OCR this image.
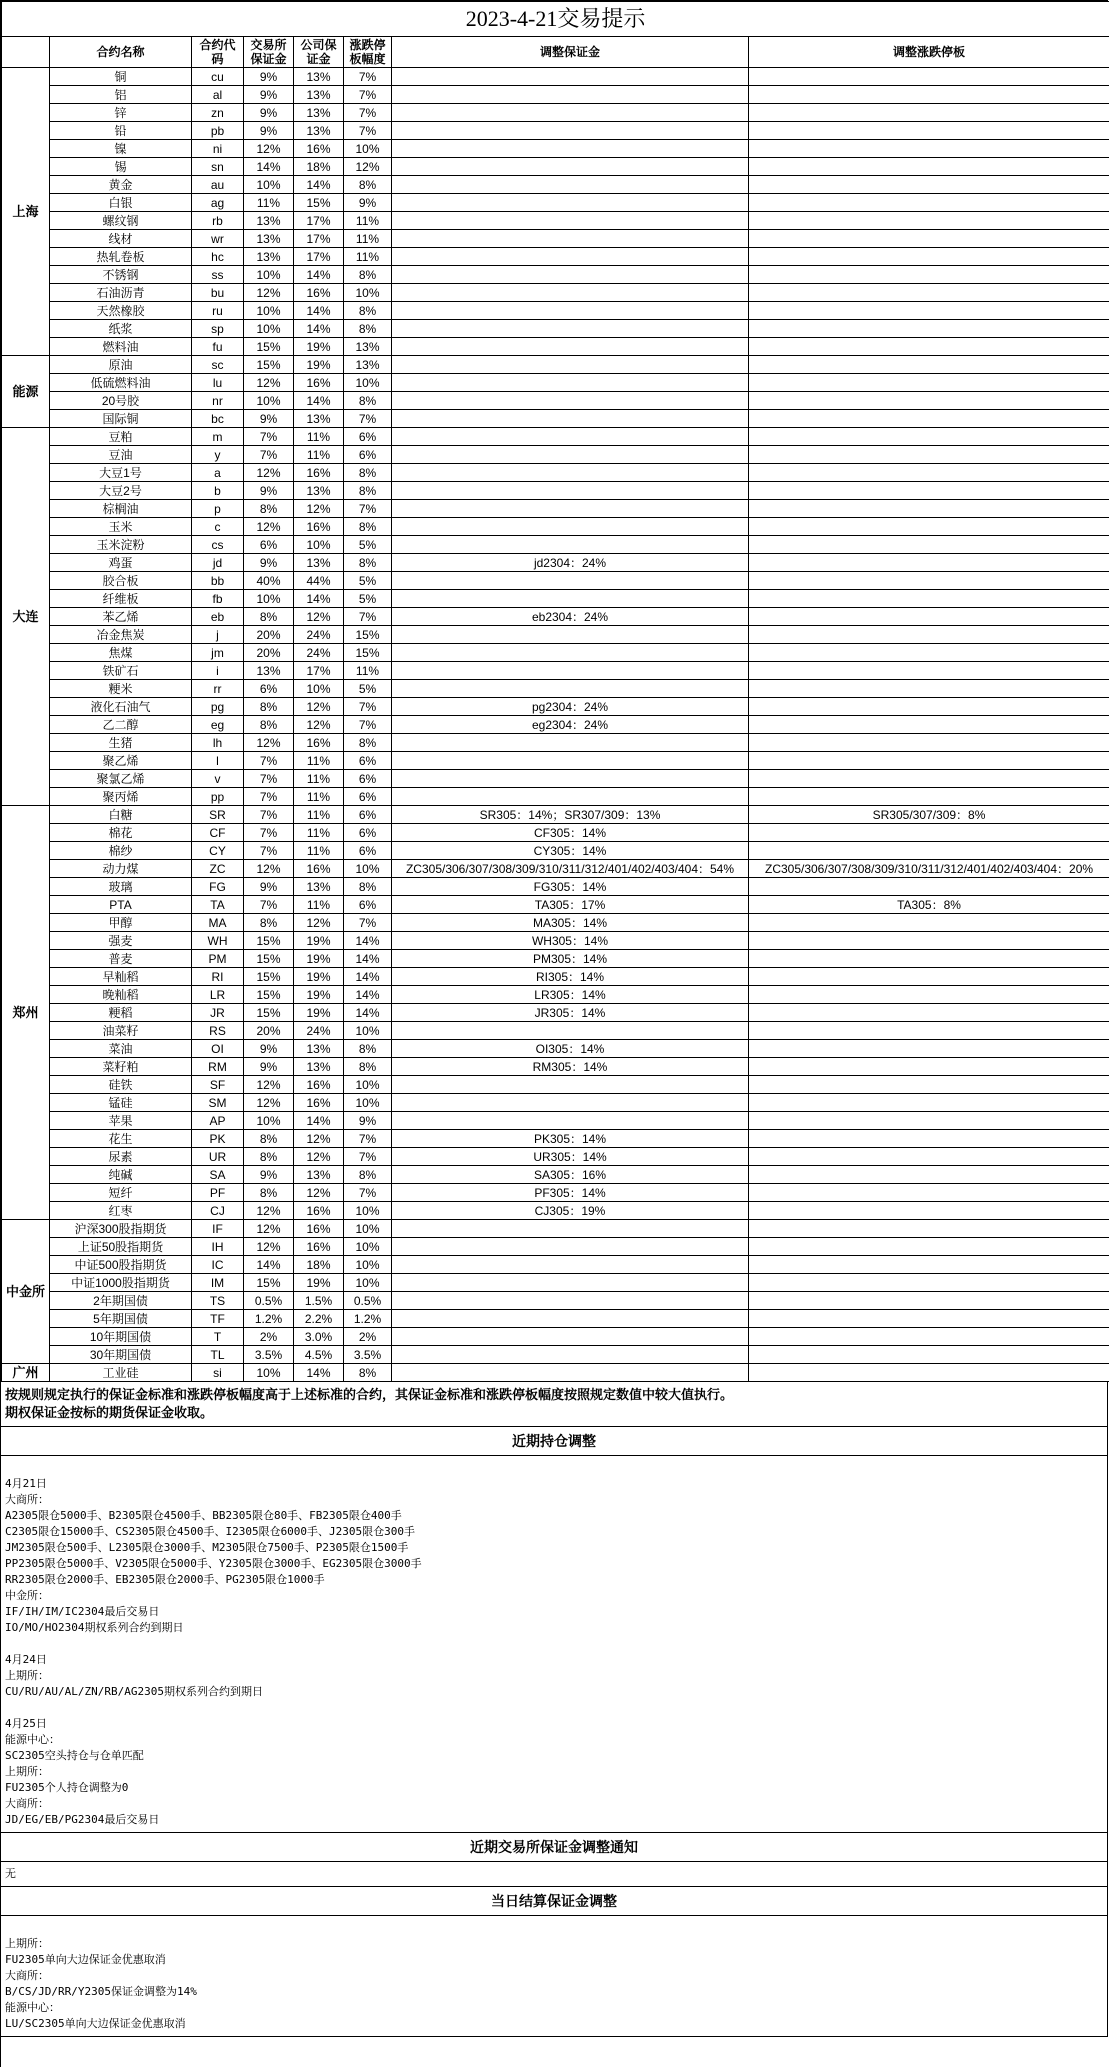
2023-4-21交易提示							
	合约名称	合约代码	交易所保证金	公司保证金	涨跌停板幅度	调整保证金	调整涨跌停板
上海	铜	cu	9%	13%	7%		
	铝	al	9%	13%	7%		
	锌	zn	9%	13%	7%		
	铅	pb	9%	13%	7%		
	镍	ni	12%	16%	10%		
	锡	sn	14%	18%	12%		
	黄金	au	10%	14%	8%		
	白银	ag	11%	15%	9%		
	螺纹钢	rb	13%	17%	11%		
	线材	wr	13%	17%	11%		
	热轧卷板	hc	13%	17%	11%		
	不锈钢	ss	10%	14%	8%		
	石油沥青	bu	12%	16%	10%		
	天然橡胶	ru	10%	14%	8%		
	纸浆	sp	10%	14%	8%		
	燃料油	fu	15%	19%	13%		
能源	原油	sc	15%	19%	13%		
	低硫燃料油	lu	12%	16%	10%		
	20号胶	nr	10%	14%	8%		
	国际铜	bc	9%	13%	7%		
大连	豆粕	m	7%	11%	6%		
	豆油	y	7%	11%	6%		
	大豆1号	a	12%	16%	8%		
	大豆2号	b	9%	13%	8%		
	棕榈油	p	8%	12%	7%		
	玉米	c	12%	16%	8%		
	玉米淀粉	cs	6%	10%	5%		
	鸡蛋	jd	9%	13%	8%	jd2304：24%	
	胶合板	bb	40%	44%	5%		
	纤维板	fb	10%	14%	5%		
	苯乙烯	eb	8%	12%	7%	eb2304：24%	
	冶金焦炭	j	20%	24%	15%		
	焦煤	jm	20%	24%	15%		
	铁矿石	i	13%	17%	11%		
	粳米	rr	6%	10%	5%		
	液化石油气	pg	8%	12%	7%	pg2304：24%	
	乙二醇	eg	8%	12%	7%	eg2304：24%	
	生猪	lh	12%	16%	8%		
	聚乙烯	l	7%	11%	6%		
	聚氯乙烯	v	7%	11%	6%		
	聚丙烯	pp	7%	11%	6%		
郑州	白糖	SR	7%	11%	6%	SR305：14%；SR307/309：13%	SR305/307/309：8%
	棉花	CF	7%	11%	6%	CF305：14%	
	棉纱	CY	7%	11%	6%	CY305：14%	
	动力煤	ZC	12%	16%	10%	ZC305/306/307/308/309/310/311/312/401/402/403/404：54%	ZC305/306/307/308/309/310/311/312/401/402/403/404：20%
	玻璃	FG	9%	13%	8%	FG305：14%	
	PTA	TA	7%	11%	6%	TA305：17%	TA305：8%
	甲醇	MA	8%	12%	7%	MA305：14%	
	强麦	WH	15%	19%	14%	WH305：14%	
	普麦	PM	15%	19%	14%	PM305：14%	
	早籼稻	RI	15%	19%	14%	RI305：14%	
	晚籼稻	LR	15%	19%	14%	LR305：14%	
	粳稻	JR	15%	19%	14%	JR305：14%	
	油菜籽	RS	20%	24%	10%		
	菜油	OI	9%	13%	8%	OI305：14%	
	菜籽粕	RM	9%	13%	8%	RM305：14%	
	硅铁	SF	12%	16%	10%		
	锰硅	SM	12%	16%	10%		
	苹果	AP	10%	14%	9%		
	花生	PK	8%	12%	7%	PK305：14%	
	尿素	UR	8%	12%	7%	UR305：14%	
	纯碱	SA	9%	13%	8%	SA305：16%	
	短纤	PF	8%	12%	7%	PF305：14%	
	红枣	CJ	12%	16%	10%	CJ305：19%	
中金所	沪深300股指期货	IF	12%	16%	10%		
	上证50股指期货	IH	12%	16%	10%		
	中证500股指期货	IC	14%	18%	10%		
	中证1000股指期货	IM	15%	19%	10%		
	2年期国债	TS	0.5%	1.5%	0.5%		
	5年期国债	TF	1.2%	2.2%	1.2%		
	10年期国债	T	2%	3.0%	2%		
	30年期国债	TL	3.5%	4.5%	3.5%		
广州	工业硅	si	10%	14%	8%		
按规则规定执行的保证金标准和涨跌停板幅度高于上述标准的合约，其保证金标准和涨跌停板幅度按照规定数值中较大值执行。
期权保证金按标的期货保证金收取。
近期持仓调整
4月21日
大商所：
A2305限仓5000手、B2305限仓4500手、BB2305限仓80手、FB2305限仓400手
C2305限仓15000手、CS2305限仓4500手、I2305限仓6000手、J2305限仓300手
JM2305限仓500手、L2305限仓3000手、M2305限仓7500手、P2305限仓1500手
PP2305限仓5000手、V2305限仓5000手、Y2305限仓3000手、EG2305限仓3000手
RR2305限仓2000手、EB2305限仓2000手、PG2305限仓1000手
中金所：
IF/IH/IM/IC2304最后交易日
IO/MO/HO2304期权系列合约到期日
4月24日
上期所：
CU/RU/AU/AL/ZN/RB/AG2305期权系列合约到期日
4月25日
能源中心：
SC2305空头持仓与仓单匹配
上期所：
FU2305个人持仓调整为0
大商所：
JD/EG/EB/PG2304最后交易日
近期交易所保证金调整通知
无
当日结算保证金调整
上期所：
FU2305单向大边保证金优惠取消
大商所：
B/CS/JD/RR/Y2305保证金调整为14%
能源中心：
LU/SC2305单向大边保证金优惠取消
